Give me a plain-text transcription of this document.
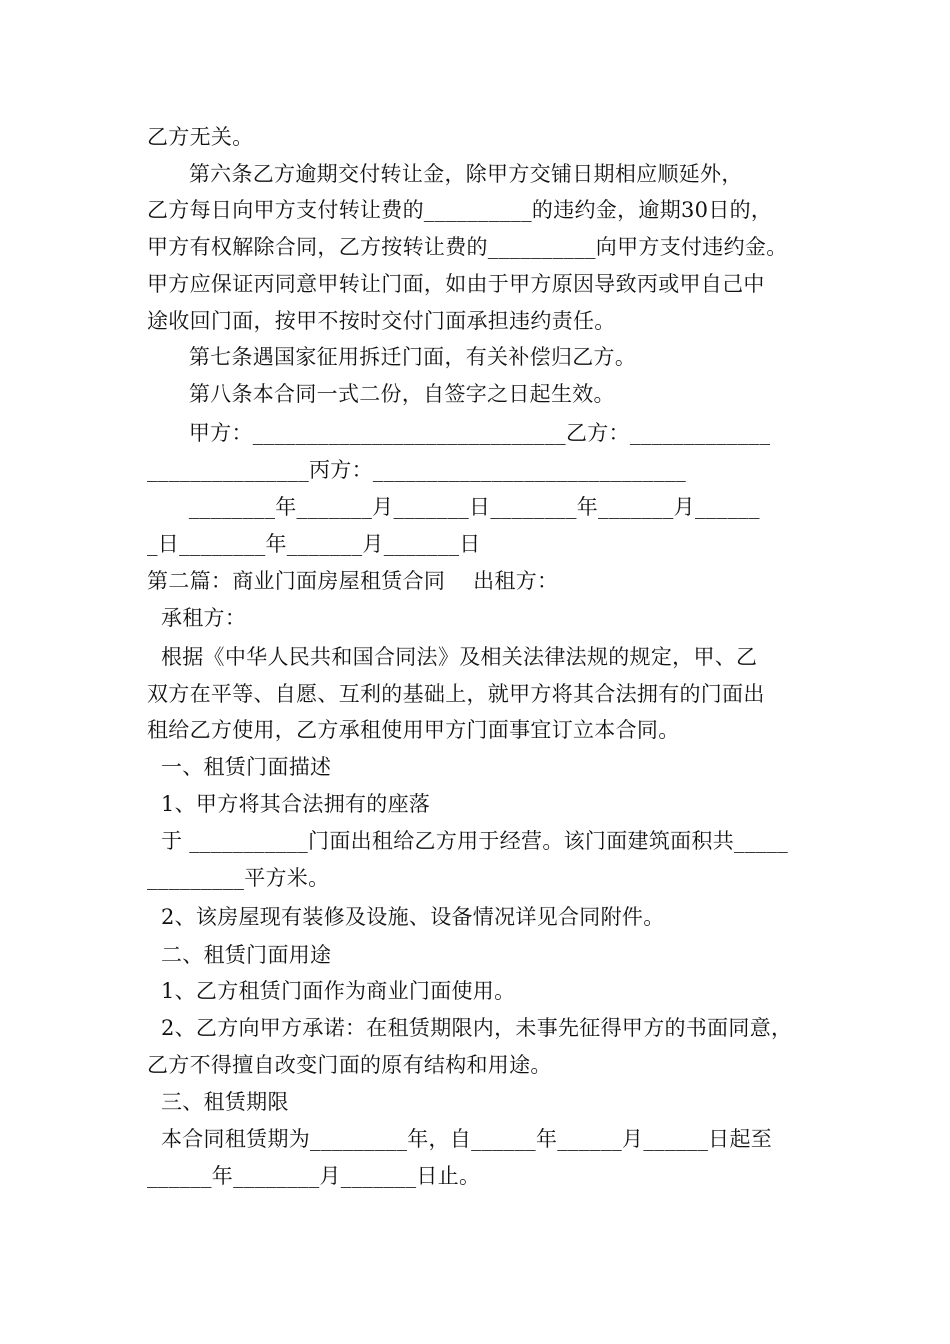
乙方无关。
第六条乙方逾期交付转让金，除甲方交铺日期相应顺延外，
乙方每日向甲方支付转让费的__________的违约金，逾期30日的，
甲方有权解除合同，乙方按转让费的__________向甲方支付违约金。
甲方应保证丙同意甲转让门面，如由于甲方原因导致丙或甲自己中
途收回门面，按甲不按时交付门面承担违约责任。
第七条遇国家征用拆迁门面，有关补偿归乙方。
第八条本合同一式二份，自签字之日起生效。
甲方：_____________________________乙方：_____________
_______________丙方：_____________________________
________年_______月_______日________年_______月______
_日________年_______月_______日
第二篇：商业门面房屋租赁合同    出租方：
承租方：
根据《中华人民共和国合同法》及相关法律法规的规定，甲、乙
双方在平等、自愿、互利的基础上，就甲方将其合法拥有的门面出
租给乙方使用，乙方承租使用甲方门面事宜订立本合同。
一、租赁门面描述
1、甲方将其合法拥有的座落
于 ___________门面出租给乙方用于经营。该门面建筑面积共_____
_________平方米。
2、该房屋现有装修及设施、设备情况详见合同附件。
二、租赁门面用途
1、乙方租赁门面作为商业门面使用。
2、乙方向甲方承诺：在租赁期限内，未事先征得甲方的书面同意，
乙方不得擅自改变门面的原有结构和用途。
三、租赁期限
本合同租赁期为_________年，自______年______月______日起至
______年________月_______日止。
